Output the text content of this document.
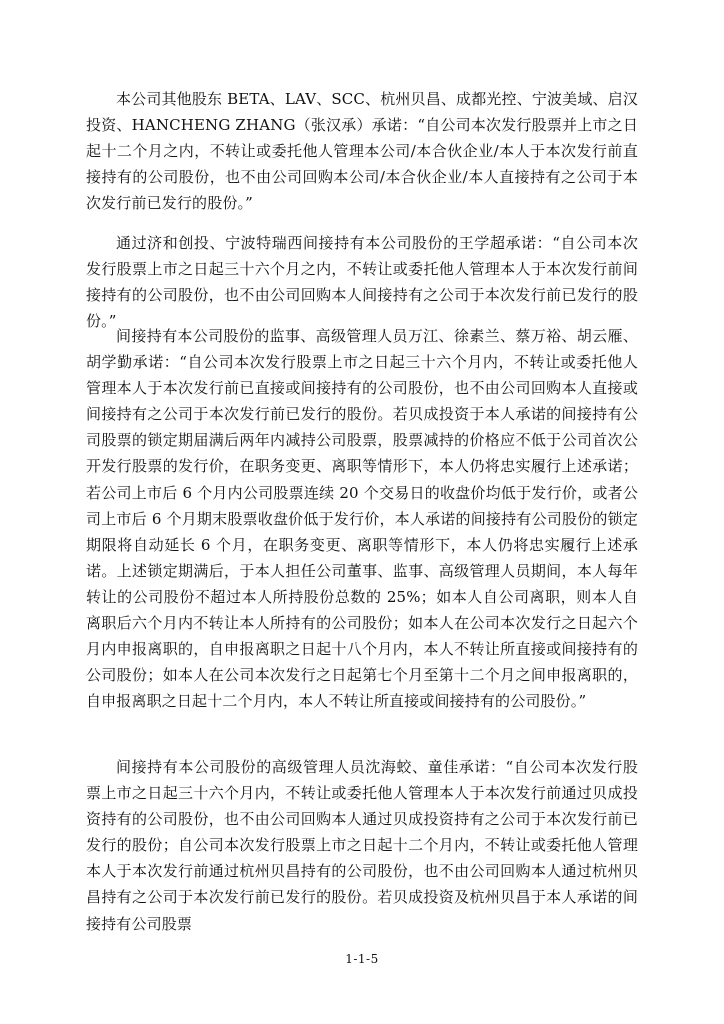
本公司其他股东 BETA、LAV、SCC、杭州贝昌、成都光控、宁波美域、启汉投资、HANCHENG ZHANG（张汉承）承诺：“自公司本次发行股票并上市之日起十二个月之内，不转让或委托他人管理本公司/本合伙企业/本人于本次发行前直接持有的公司股份，也不由公司回购本公司/本合伙企业/本人直接持有之公司于本次发行前已发行的股份。”

通过济和创投、宁波特瑞西间接持有本公司股份的王学超承诺：“自公司本次发行股票上市之日起三十六个月之内，不转让或委托他人管理本人于本次发行前间接持有的公司股份，也不由公司回购本人间接持有之公司于本次发行前已发行的股份。”

间接持有本公司股份的监事、高级管理人员万江、徐素兰、蔡万裕、胡云雁、胡学勤承诺：“自公司本次发行股票上市之日起三十六个月内，不转让或委托他人管理本人于本次发行前已直接或间接持有的公司股份，也不由公司回购本人直接或间接持有之公司于本次发行前已发行的股份。若贝成投资于本人承诺的间接持有公司股票的锁定期届满后两年内减持公司股票，股票减持的价格应不低于公司首次公开发行股票的发行价，在职务变更、离职等情形下，本人仍将忠实履行上述承诺；若公司上市后 6 个月内公司股票连续 20 个交易日的收盘价均低于发行价，或者公司上市后 6 个月期末股票收盘价低于发行价，本人承诺的间接持有公司股份的锁定期限将自动延长 6 个月，在职务变更、离职等情形下，本人仍将忠实履行上述承诺。上述锁定期满后，于本人担任公司董事、监事、高级管理人员期间，本人每年转让的公司股份不超过本人所持股份总数的 25%；如本人自公司离职，则本人自离职后六个月内不转让本人所持有的公司股份；如本人在公司本次发行之日起六个月内申报离职的，自申报离职之日起十八个月内，本人不转让所直接或间接持有的公司股份；如本人在公司本次发行之日起第七个月至第十二个月之间申报离职的，自申报离职之日起十二个月内，本人不转让所直接或间接持有的公司股份。”

间接持有本公司股份的高级管理人员沈海蛟、童佳承诺：“自公司本次发行股票上市之日起三十六个月内，不转让或委托他人管理本人于本次发行前通过贝成投资持有的公司股份，也不由公司回购本人通过贝成投资持有之公司于本次发行前已发行的股份；自公司本次发行股票上市之日起十二个月内，不转让或委托他人管理本人于本次发行前通过杭州贝昌持有的公司股份，也不由公司回购本人通过杭州贝昌持有之公司于本次发行前已发行的股份。若贝成投资及杭州贝昌于本人承诺的间接持有公司股票

1-1-5
